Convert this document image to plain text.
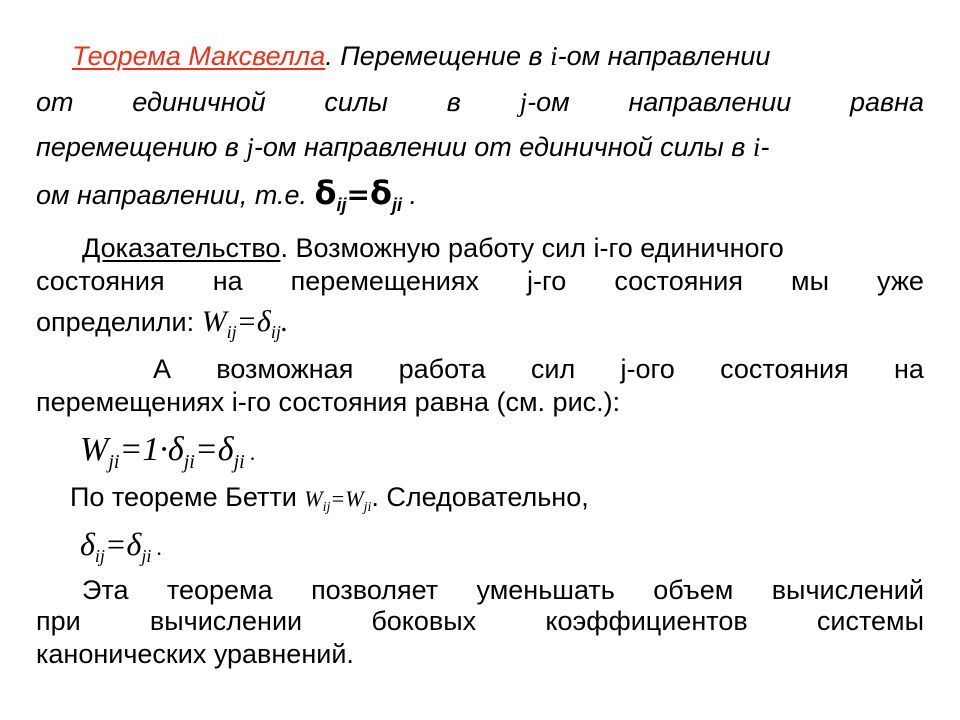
Теорема Максвелла. Перемещение в i-ом направлении
от единичной силы в j-ом направлении равна
перемещению в j-ом направлении от единичной силы в i-
ом направлении, т.е. $\delta_{ij}=\delta_{ji}$ .
Доказательство. Возможную работу сил i-го единичного
состояния на перемещениях j-го состояния мы уже
определили: $W_{ij}=\delta_{ij}$.
А возможная работа сил j-ого состояния на
перемещениях i-го состояния равна (см. рис.):
$W_{ji}=1\cdot\delta_{ji}=\delta_{ji}$ .
По теореме Бетти Wij=Wji. Следовательно,
$\delta_{ij}=\delta_{ji}$ .
Эта теорема позволяет уменьшать объем вычислений
при	вычислении	боковых	коэффициентов	системы
канонических уравнений.
